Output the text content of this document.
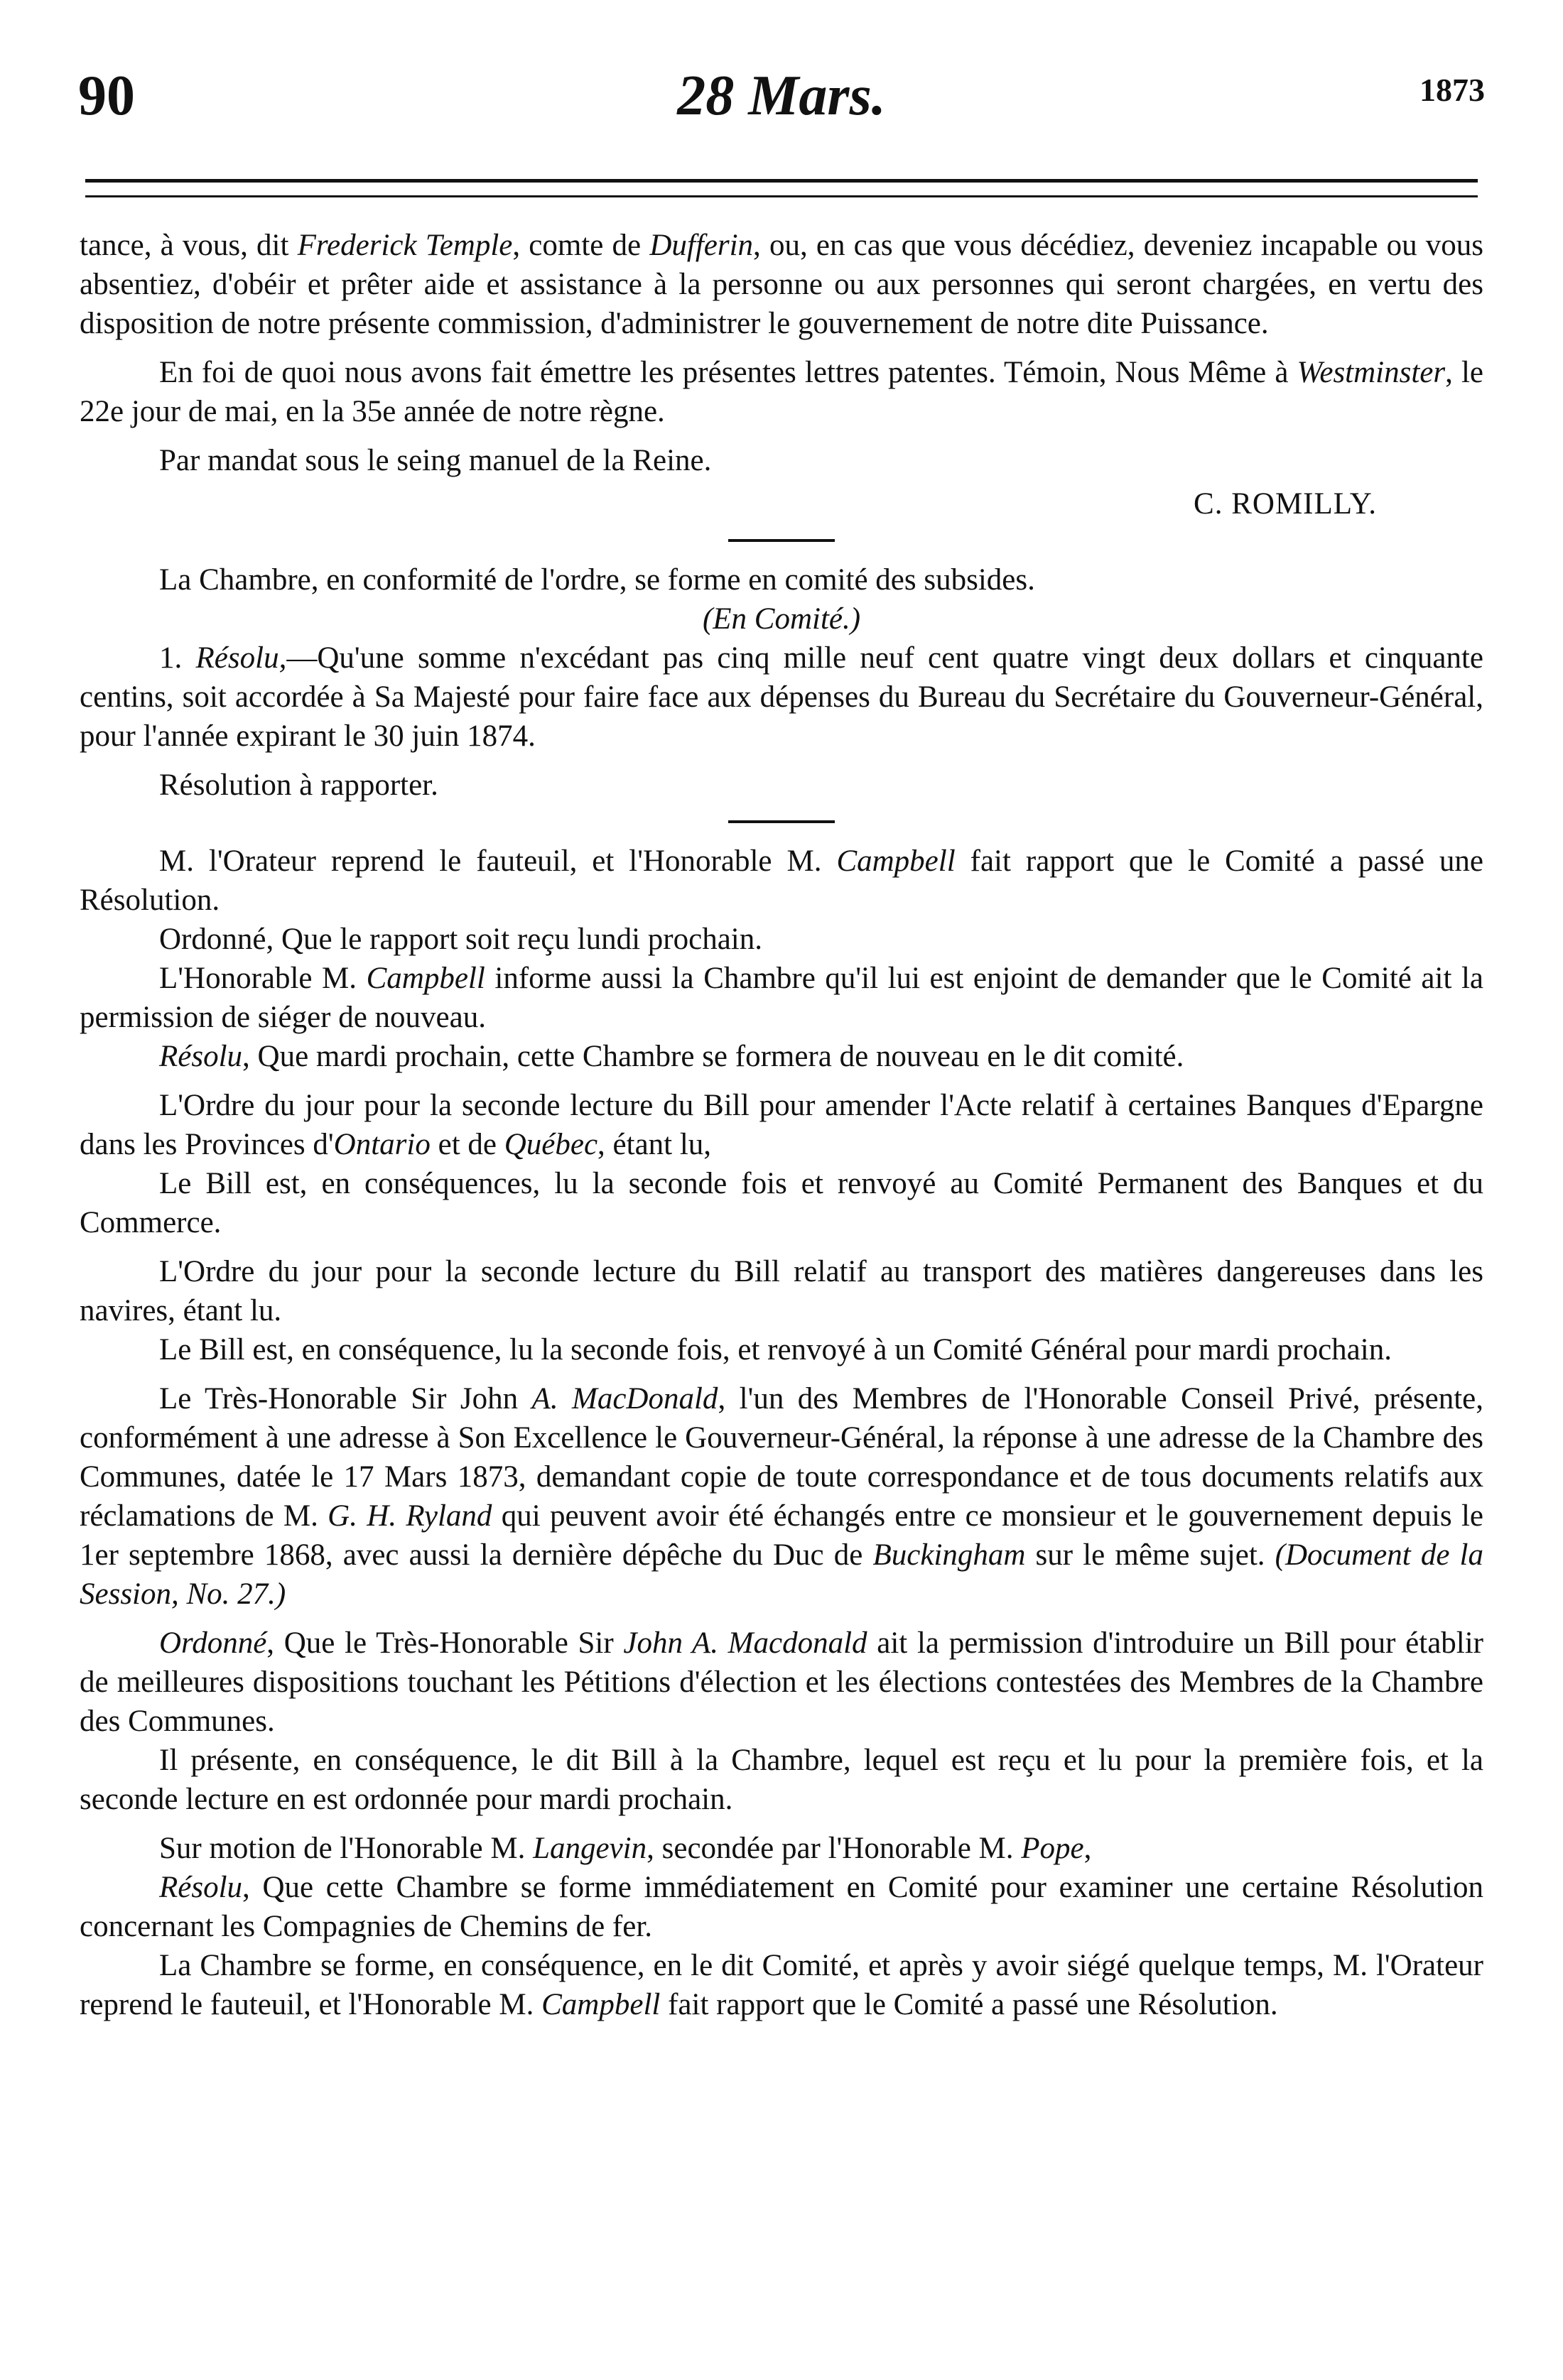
90	28 Mars.	1873

tance, à vous, dit Frederick Temple, comte de Dufferin, ou, en cas que vous décédiez, deveniez incapable ou vous absentiez, d'obéir et prêter aide et assistance à la personne ou aux personnes qui seront chargées, en vertu des disposition de notre présente commission, d'administrer le gouvernement de notre dite Puissance.

En foi de quoi nous avons fait émettre les présentes lettres patentes. Témoin, Nous Même à Westminster, le 22e jour de mai, en la 35e année de notre règne.

Par mandat sous le seing manuel de la Reine.

C. ROMILLY.

La Chambre, en conformité de l'ordre, se forme en comité des subsides.

(En Comité.)

1. Résolu,—Qu'une somme n'excédant pas cinq mille neuf cent quatre vingt deux dollars et cinquante centins, soit accordée à Sa Majesté pour faire face aux dépenses du Bureau du Secrétaire du Gouverneur-Général, pour l'année expirant le 30 juin 1874.

Résolution à rapporter.

M. l'Orateur reprend le fauteuil, et l'Honorable M. Campbell fait rapport que le Comité a passé une Résolution.

Ordonné, Que le rapport soit reçu lundi prochain.

L'Honorable M. Campbell informe aussi la Chambre qu'il lui est enjoint de demander que le Comité ait la permission de siéger de nouveau.

Résolu, Que mardi prochain, cette Chambre se formera de nouveau en le dit comité.

L'Ordre du jour pour la seconde lecture du Bill pour amender l'Acte relatif à certaines Banques d'Epargne dans les Provinces d'Ontario et de Québec, étant lu,

Le Bill est, en conséquences, lu la seconde fois et renvoyé au Comité Permanent des Banques et du Commerce.

L'Ordre du jour pour la seconde lecture du Bill relatif au transport des matières dangereuses dans les navires, étant lu.

Le Bill est, en conséquence, lu la seconde fois, et renvoyé à un Comité Général pour mardi prochain.

Le Très-Honorable Sir John A. MacDonald, l'un des Membres de l'Honorable Conseil Privé, présente, conformément à une adresse à Son Excellence le Gouverneur-Général, la réponse à une adresse de la Chambre des Communes, datée le 17 Mars 1873, demandant copie de toute correspondance et de tous documents relatifs aux réclamations de M. G. H. Ryland qui peuvent avoir été échangés entre ce monsieur et le gouvernement depuis le 1er septembre 1868, avec aussi la dernière dépêche du Duc de Buckingham sur le même sujet. (Document de la Session, No. 27.)

Ordonné, Que le Très-Honorable Sir John A. Macdonald ait la permission d'introduire un Bill pour établir de meilleures dispositions touchant les Pétitions d'élection et les élections contestées des Membres de la Chambre des Communes.

Il présente, en conséquence, le dit Bill à la Chambre, lequel est reçu et lu pour la première fois, et la seconde lecture en est ordonnée pour mardi prochain.

Sur motion de l'Honorable M. Langevin, secondée par l'Honorable M. Pope,

Résolu, Que cette Chambre se forme immédiatement en Comité pour examiner une certaine Résolution concernant les Compagnies de Chemins de fer.

La Chambre se forme, en conséquence, en le dit Comité, et après y avoir siégé quelque temps, M. l'Orateur reprend le fauteuil, et l'Honorable M. Campbell fait rapport que le Comité a passé une Résolution.
